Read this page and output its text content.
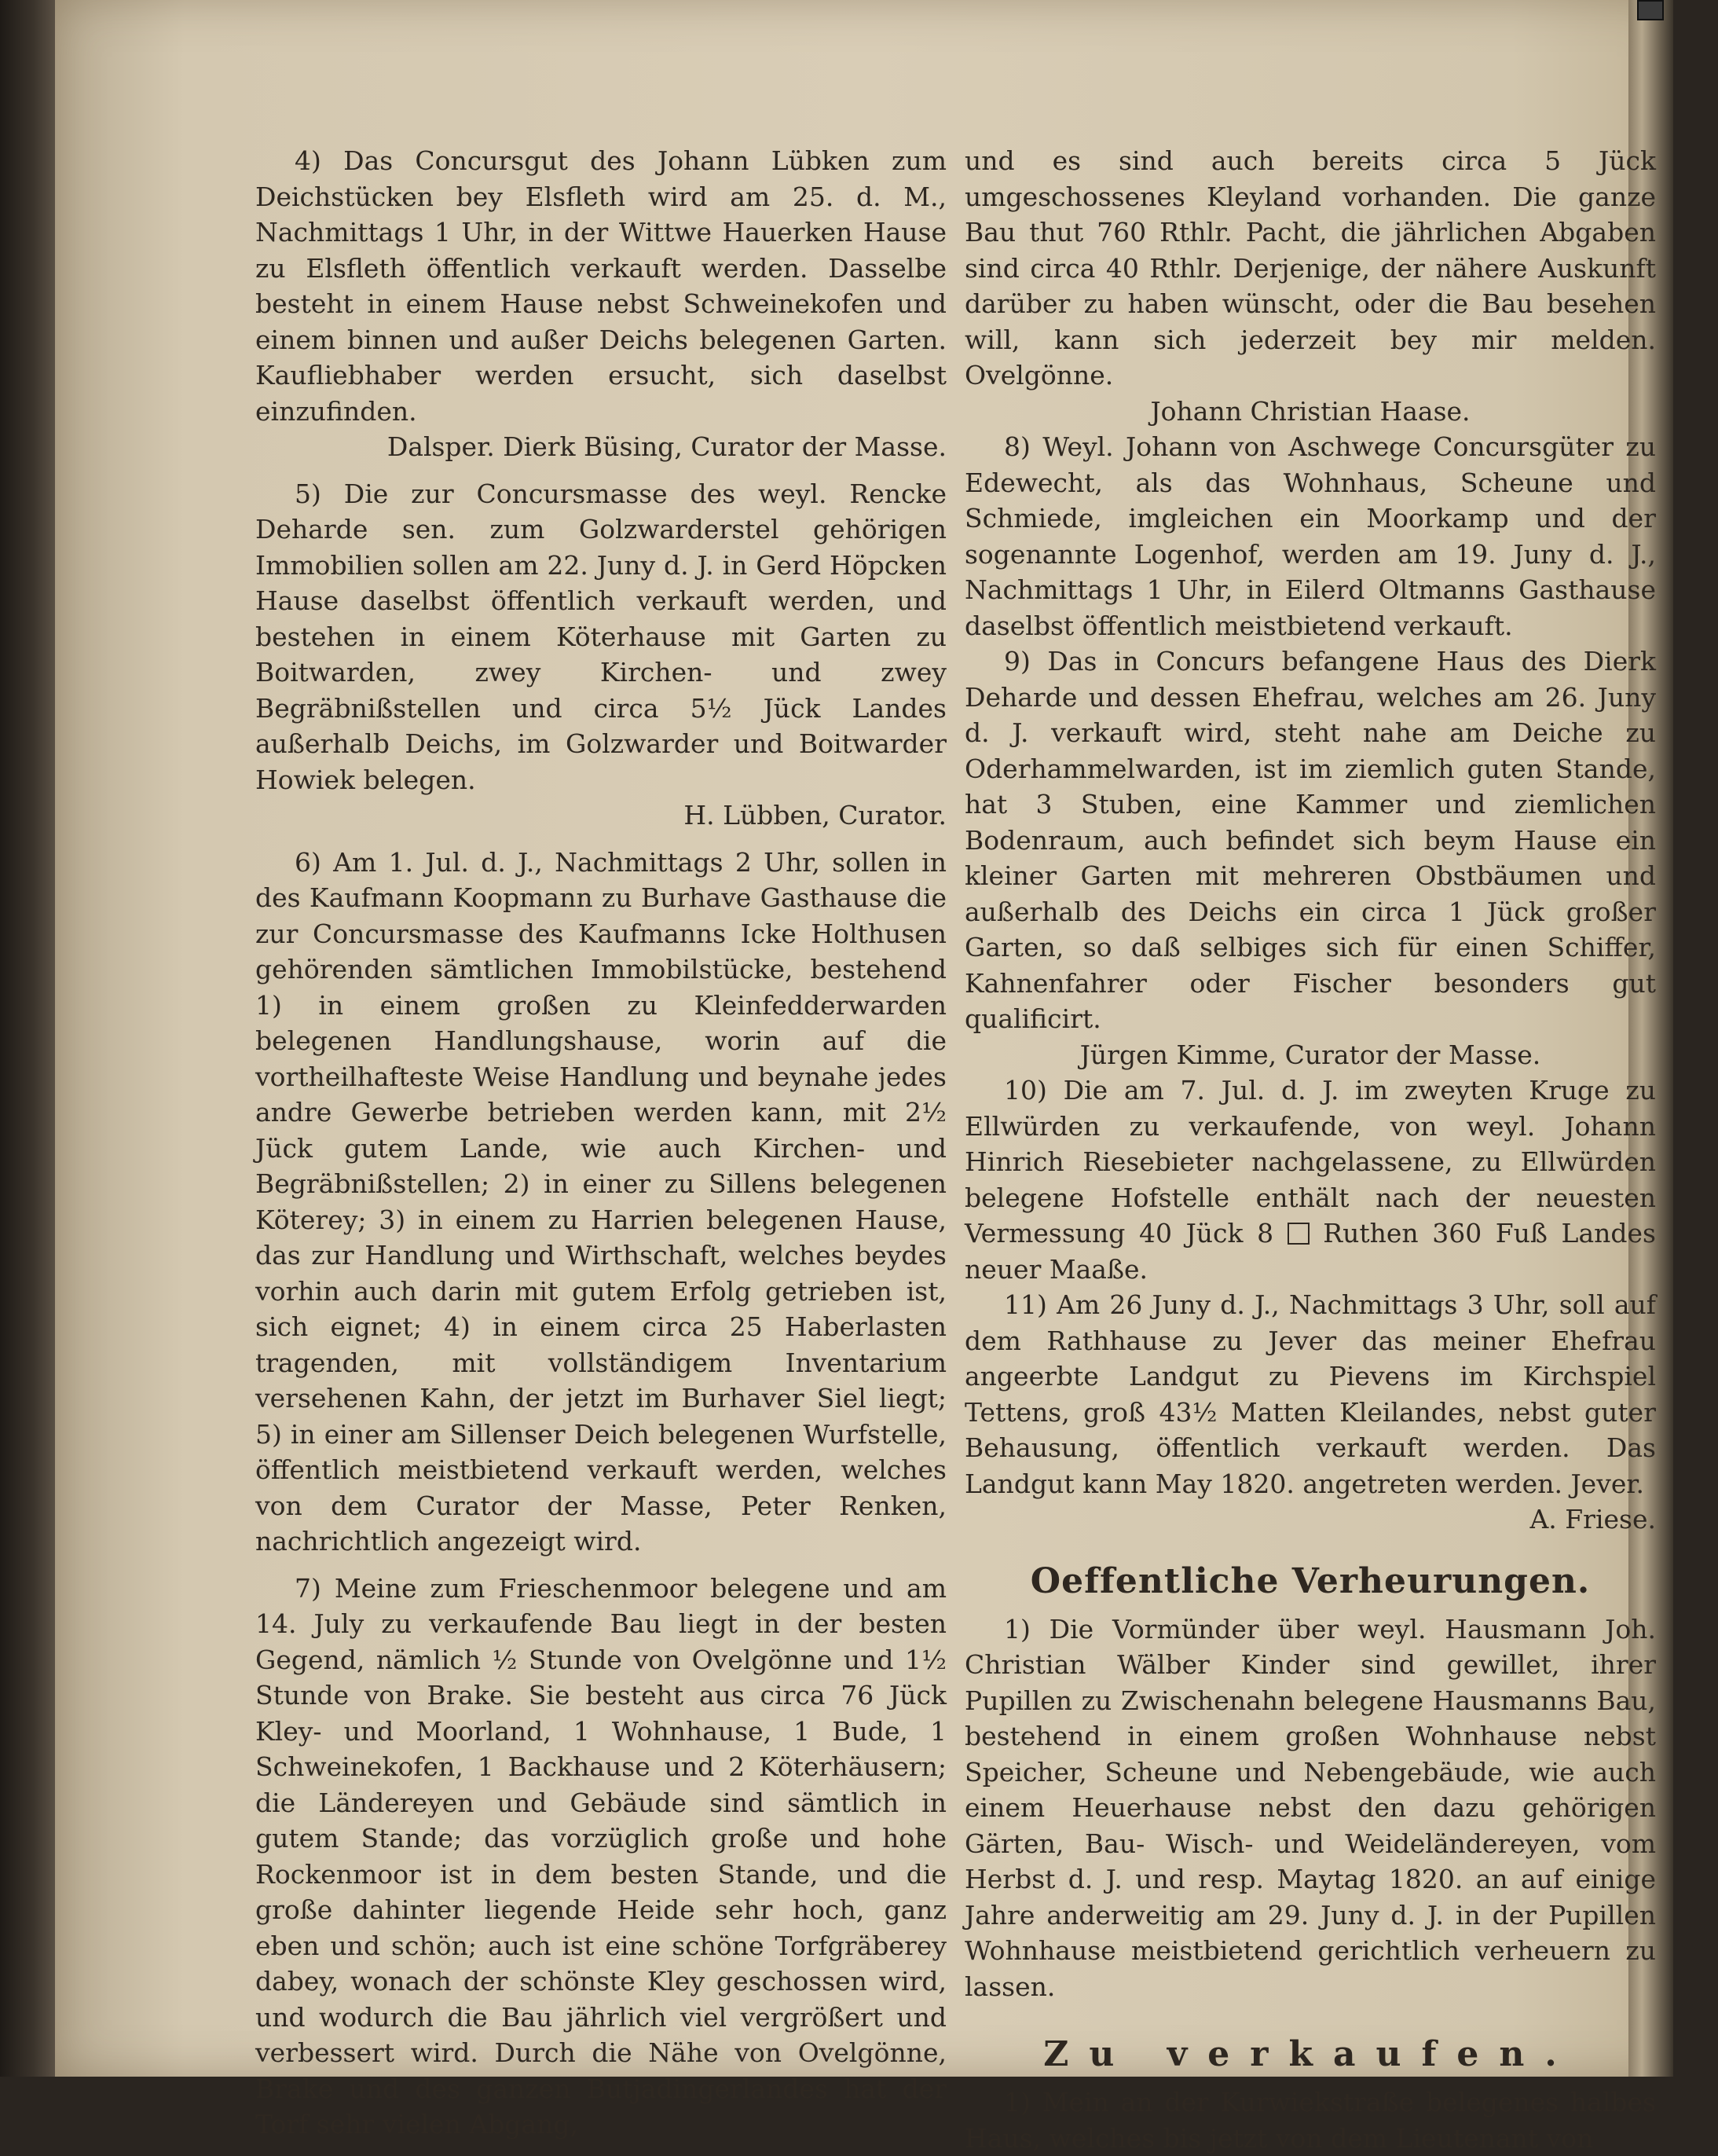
4) Das Concursgut des Johann Lübken zum Deichstücken bey Elsfleth wird am 25. d. M., Nachmittags 1 Uhr, in der Wittwe Hauerken Hause zu Elsfleth öffentlich verkauft werden. Dasselbe besteht in einem Hause nebst Schweinekofen und einem binnen und außer Deichs belegenen Garten. Kaufliebhaber werden ersucht, sich daselbst einzufinden.

Dalsper. Dierk Büsing, Curator der Masse.

5) Die zur Concursmasse des weyl. Rencke Deharde sen. zum Golzwarderstel gehörigen Immobilien sollen am 22. Juny d. J. in Gerd Höpcken Hause daselbst öffentlich verkauft werden, und bestehen in einem Köterhause mit Garten zu Boitwarden, zwey Kirchen- und zwey Begräbnißstellen und circa 5½ Jück Landes außerhalb Deichs, im Golzwarder und Boitwarder Howiek belegen.

H. Lübben, Curator.

6) Am 1. Jul. d. J., Nachmittags 2 Uhr, sollen in des Kaufmann Koopmann zu Burhave Gasthause die zur Concursmasse des Kaufmanns Icke Holthusen gehörenden sämtlichen Immobilstücke, bestehend 1) in einem großen zu Kleinfedderwarden belegenen Handlungshause, worin auf die vortheilhafteste Weise Handlung und beynahe jedes andre Gewerbe betrieben werden kann, mit 2½ Jück gutem Lande, wie auch Kirchen- und Begräbnißstellen; 2) in einer zu Sillens belegenen Köterey; 3) in einem zu Harrien belegenen Hause, das zur Handlung und Wirthschaft, welches beydes vorhin auch darin mit gutem Erfolg getrieben ist, sich eignet; 4) in einem circa 25 Haberlasten tragenden, mit vollständigem Inventarium versehenen Kahn, der jetzt im Burhaver Siel liegt; 5) in einer am Sillenser Deich belegenen Wurfstelle, öffentlich meistbietend verkauft werden, welches von dem Curator der Masse, Peter Renken, nachrichtlich angezeigt wird.

7) Meine zum Frieschenmoor belegene und am 14. July zu verkaufende Bau liegt in der besten Gegend, nämlich ½ Stunde von Ovelgönne und 1½ Stunde von Brake. Sie besteht aus circa 76 Jück Kley- und Moorland, 1 Wohnhause, 1 Bude, 1 Schweinekofen, 1 Backhause und 2 Köterhäusern; die Ländereyen und Gebäude sind sämtlich in gutem Stande; das vorzüglich große und hohe Rockenmoor ist in dem besten Stande, und die große dahinter liegende Heide sehr hoch, ganz eben und schön; auch ist eine schöne Torfgräberey dabey, wonach der schönste Kley geschossen wird, und wodurch die Bau jährlich viel vergrößert und verbessert wird. Durch die Nähe von Ovelgönne, Brake und des ganzen Butjadingerlandes hat der Torf sehr vielen Abgang,

und es sind auch bereits circa 5 Jück umgeschossenes Kleyland vorhanden. Die ganze Bau thut 760 Rthlr. Pacht, die jährlichen Abgaben sind circa 40 Rthlr. Derjenige, der nähere Auskunft darüber zu haben wünscht, oder die Bau besehen will, kann sich jederzeit bey mir melden. Ovelgönne.

Johann Christian Haase.

8) Weyl. Johann von Aschwege Concursgüter zu Edewecht, als das Wohnhaus, Scheune und Schmiede, imgleichen ein Moorkamp und der sogenannte Logenhof, werden am 19. Juny d. J., Nachmittags 1 Uhr, in Eilerd Oltmanns Gasthause daselbst öffentlich meistbietend verkauft.

9) Das in Concurs befangene Haus des Dierk Deharde und dessen Ehefrau, welches am 26. Juny d. J. verkauft wird, steht nahe am Deiche zu Oderhammelwarden, ist im ziemlich guten Stande, hat 3 Stuben, eine Kammer und ziemlichen Bodenraum, auch befindet sich beym Hause ein kleiner Garten mit mehreren Obstbäumen und außerhalb des Deichs ein circa 1 Jück großer Garten, so daß selbiges sich für einen Schiffer, Kahnenfahrer oder Fischer besonders gut qualificirt.

Jürgen Kimme, Curator der Masse.

10) Die am 7. Jul. d. J. im zweyten Kruge zu Ellwürden zu verkaufende, von weyl. Johann Hinrich Riesebieter nachgelassene, zu Ellwürden belegene Hofstelle enthält nach der neuesten Vermessung 40 Jück 8 Ruthen 360 Fuß Landes neuer Maaße.

11) Am 26 Juny d. J., Nachmittags 3 Uhr, soll auf dem Rathhause zu Jever das meiner Ehefrau angeerbte Landgut zu Pievens im Kirchspiel Tettens, groß 43½ Matten Kleilandes, nebst guter Behausung, öffentlich verkauft werden. Das Landgut kann May 1820. angetreten werden. Jever.

A. Friese.

Oeffentliche Verheurungen.

1) Die Vormünder über weyl. Hausmann Joh. Christian Wälber Kinder sind gewillet, ihrer Pupillen zu Zwischenahn belegene Hausmanns Bau, bestehend in einem großen Wohnhause nebst Speicher, Scheune und Nebengebäude, wie auch einem Heuerhause nebst den dazu gehörigen Gärten, Bau- Wisch- und Weideländereyen, vom Herbst d. J. und resp. Maytag 1820. an auf einige Jahre anderweitig am 29. Juny d. J. in der Pupillen Wohnhause meistbietend gerichtlich verheuern zu lassen.

Zu verkaufen.

1) Mein an der Kurwiekstraße belegenes halbes Haus, welches bis jetzt von dem Lieutenant von
